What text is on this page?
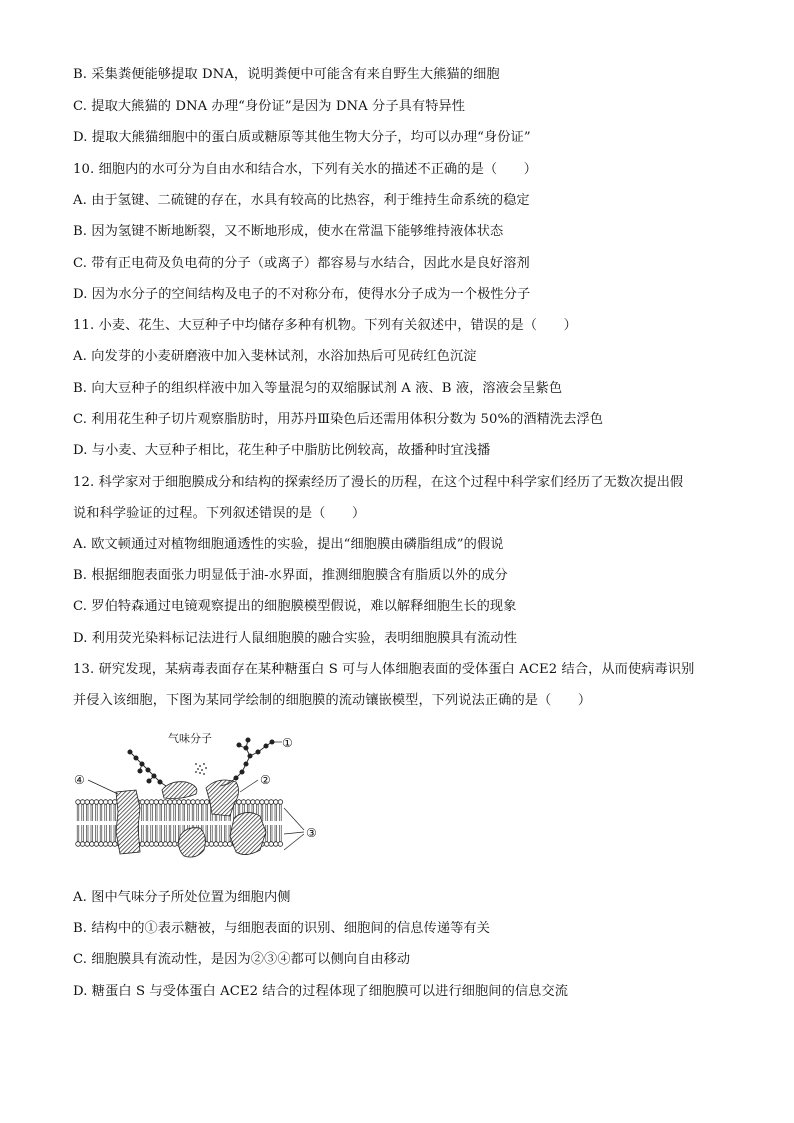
B. 采集粪便能够提取 DNA，说明粪便中可能含有来自野生大熊猫的细胞
C. 提取大熊猫的 DNA 办理“身份证”是因为 DNA 分子具有特异性
D. 提取大熊猫细胞中的蛋白质或糖原等其他生物大分子，均可以办理“身份证”
10. 细胞内的水可分为自由水和结合水，下列有关水的描述不正确的是（　　）
A. 由于氢键、二硫键的存在，水具有较高的比热容，利于维持生命系统的稳定
B. 因为氢键不断地断裂，又不断地形成，使水在常温下能够维持液体状态
C. 带有正电荷及负电荷的分子（或离子）都容易与水结合，因此水是良好溶剂
D. 因为水分子的空间结构及电子的不对称分布，使得水分子成为一个极性分子
11. 小麦、花生、大豆种子中均储存多种有机物。下列有关叙述中，错误的是（　　）
A. 向发芽的小麦研磨液中加入斐林试剂，水浴加热后可见砖红色沉淀
B. 向大豆种子的组织样液中加入等量混匀的双缩脲试剂 A 液、B 液，溶液会呈紫色
C. 利用花生种子切片观察脂肪时，用苏丹Ⅲ染色后还需用体积分数为 50%的酒精洗去浮色
D. 与小麦、大豆种子相比，花生种子中脂肪比例较高，故播种时宜浅播
12. 科学家对于细胞膜成分和结构的探索经历了漫长的历程，在这个过程中科学家们经历了无数次提出假
说和科学验证的过程。下列叙述错误的是（　　）
A. 欧文顿通过对植物细胞通透性的实验，提出“细胞膜由磷脂组成”的假说
B. 根据细胞表面张力明显低于油-水界面，推测细胞膜含有脂质以外的成分
C. 罗伯特森通过电镜观察提出的细胞膜模型假说，难以解释细胞生长的现象
D. 利用荧光染料标记法进行人鼠细胞膜的融合实验，表明细胞膜具有流动性
13. 研究发现，某病毒表面存在某种糖蛋白 S 可与人体细胞表面的受体蛋白 ACE2 结合，从而使病毒识别
并侵入该细胞，下图为某同学绘制的细胞膜的流动镶嵌模型，下列说法正确的是（　　）
气味分子	①
②
③
④
A. 图中气味分子所处位置为细胞内侧
B. 结构中的①表示糖被，与细胞表面的识别、细胞间的信息传递等有关
C. 细胞膜具有流动性，是因为②③④都可以侧向自由移动
D. 糖蛋白 S 与受体蛋白 ACE2 结合的过程体现了细胞膜可以进行细胞间的信息交流
